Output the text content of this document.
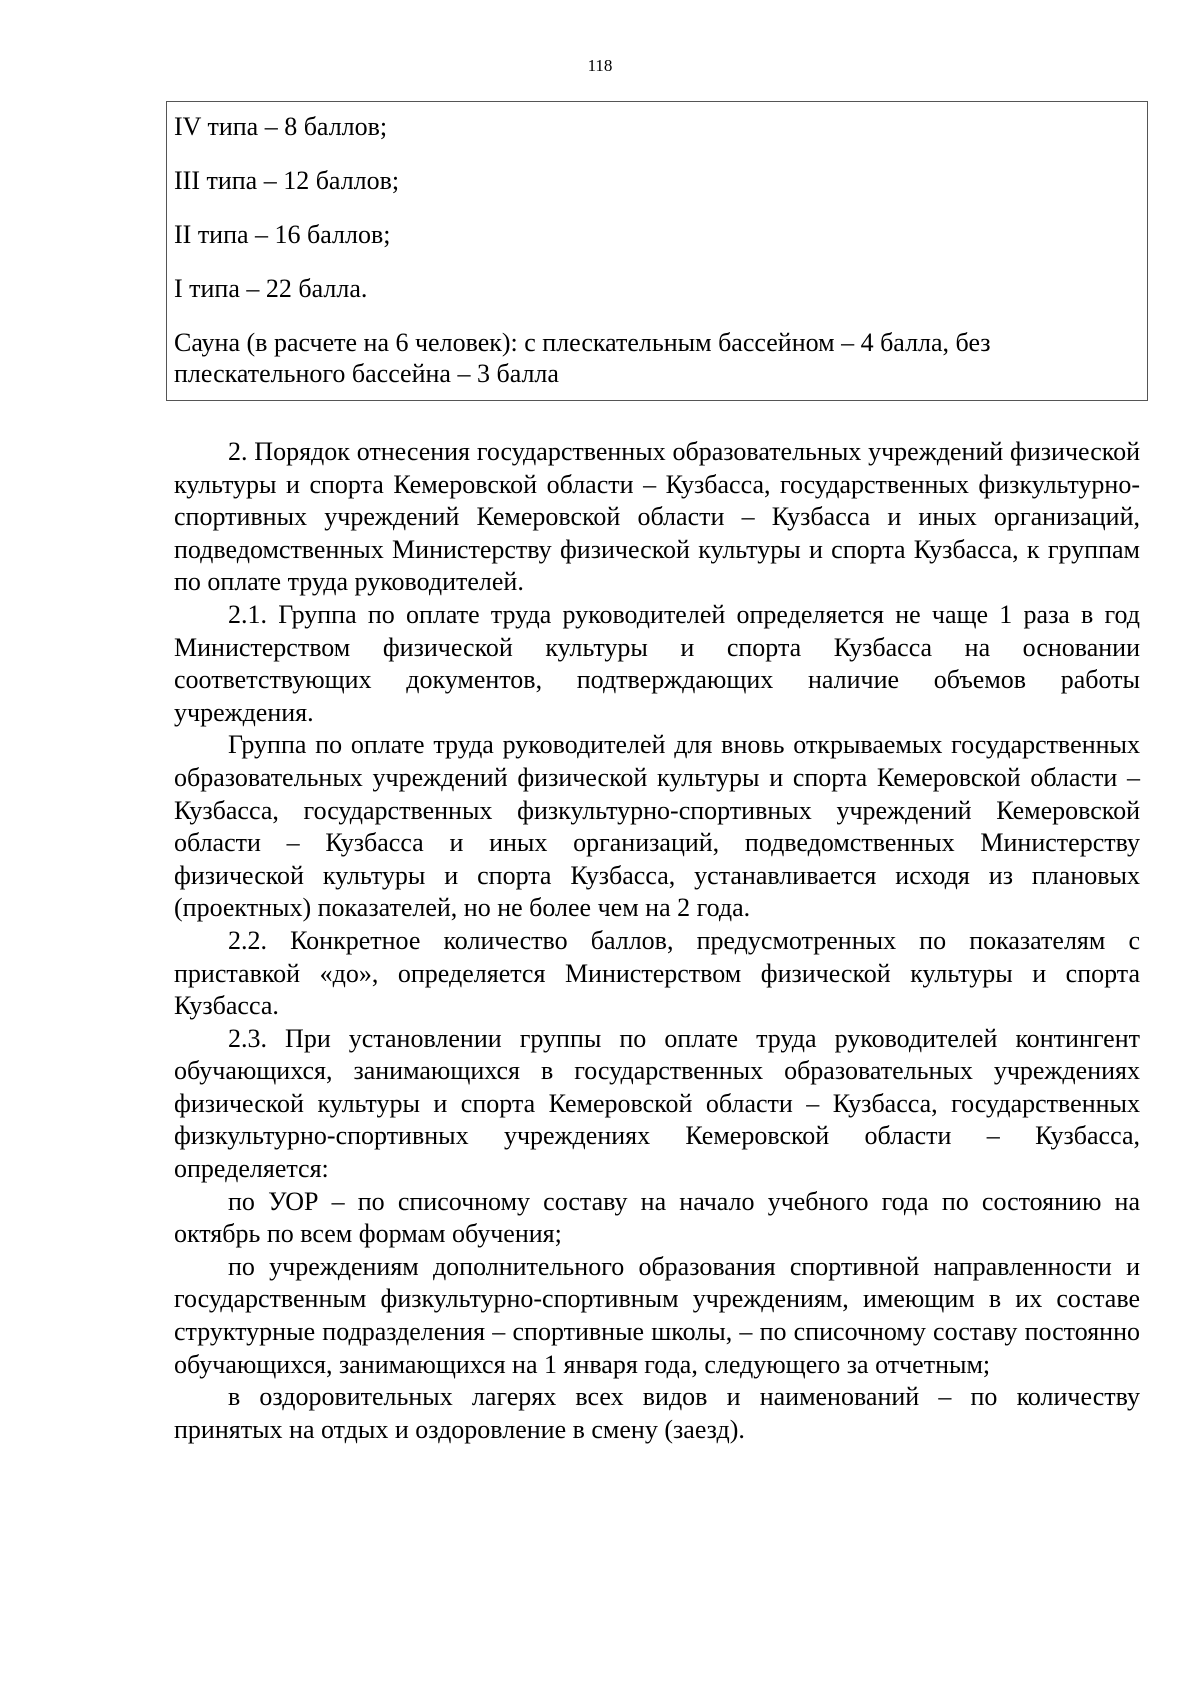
118
IV типа – 8 баллов;
III типа – 12 баллов;
II типа – 16 баллов;
I типа – 22 балла.
Сауна (в расчете на 6 человек): с плескательным бассейном – 4 балла, без плескательного бассейна – 3 балла

2. Порядок отнесения государственных образовательных учреждений физической культуры и спорта Кемеровской области – Кузбасса, государственных физкультурно-спортивных учреждений Кемеровской области – Кузбасса и иных организаций, подведомственных Министерству физической культуры и спорта Кузбасса, к группам по оплате труда руководителей.

2.1. Группа по оплате труда руководителей определяется не чаще 1 раза в год Министерством физической культуры и спорта Кузбасса на основании соответствующих документов, подтверждающих наличие объемов работы учреждения.

Группа по оплате труда руководителей для вновь открываемых государственных образовательных учреждений физической культуры и спорта Кемеровской области – Кузбасса, государственных физкультурно-спортивных учреждений Кемеровской области – Кузбасса и иных организаций, подведомственных Министерству физической культуры и спорта Кузбасса, устанавливается исходя из плановых (проектных) показателей, но не более чем на 2 года.

2.2. Конкретное количество баллов, предусмотренных по показателям с приставкой «до», определяется Министерством физической культуры и спорта Кузбасса.

2.3. При установлении группы по оплате труда руководителей контингент обучающихся, занимающихся в государственных образовательных учреждениях физической культуры и спорта Кемеровской области – Кузбасса, государственных физкультурно-спортивных учреждениях Кемеровской области – Кузбасса, определяется:

по УОР – по списочному составу на начало учебного года по состоянию на октябрь по всем формам обучения;

по учреждениям дополнительного образования спортивной направленности и государственным физкультурно-спортивным учреждениям, имеющим в их составе структурные подразделения – спортивные школы, – по списочному составу постоянно обучающихся, занимающихся на 1 января года, следующего за отчетным;

в оздоровительных лагерях всех видов и наименований – по количеству принятых на отдых и оздоровление в смену (заезд).
